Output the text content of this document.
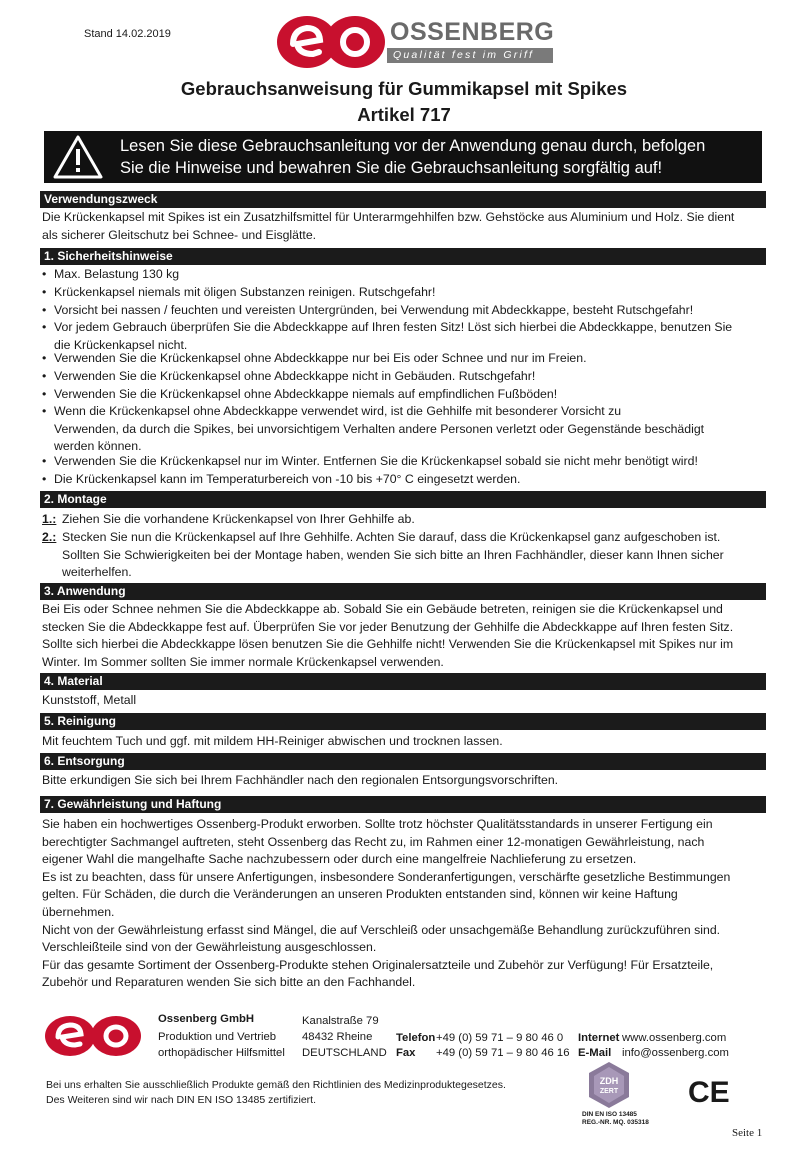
Stand 14.02.2019	OSSENBERG
Qualität fest im Griff
Gebrauchsanweisung für Gummikapsel mit Spikes
Artikel 717
Lesen Sie diese Gebrauchsanleitung vor der Anwendung genau durch, befolgen
Sie die Hinweise und bewahren Sie die Gebrauchsanleitung sorgfältig auf!
Verwendungszweck
Die Krückenkapsel mit Spikes ist ein Zusatzhilfsmittel für Unterarmgehhilfen bzw. Gehstöcke aus Aluminium und Holz. Sie dient
als sicherer Gleitschutz bei Schnee- und Eisglätte.
1. Sicherheitshinweise
• Max. Belastung 130 kg
• Krückenkapsel niemals mit öligen Substanzen reinigen. Rutschgefahr!
• Vorsicht bei nassen / feuchten und vereisten Untergründen, bei Verwendung mit Abdeckkappe, besteht Rutschgefahr!
• Vor jedem Gebrauch überprüfen Sie die Abdeckkappe auf Ihren festen Sitz! Löst sich hierbei die Abdeckkappe, benutzen Sie
die Krückenkapsel nicht.
• Verwenden Sie die Krückenkapsel ohne Abdeckkappe nur bei Eis oder Schnee und nur im Freien.
• Verwenden Sie die Krückenkapsel ohne Abdeckkappe nicht in Gebäuden. Rutschgefahr!
• Verwenden Sie die Krückenkapsel ohne Abdeckkappe niemals auf empfindlichen Fußböden!
• Wenn die Krückenkapsel ohne Abdeckkappe verwendet wird, ist die Gehhilfe mit besonderer Vorsicht zu
Verwenden, da durch die Spikes, bei unvorsichtigem Verhalten andere Personen verletzt oder Gegenstände beschädigt
werden können.
• Verwenden Sie die Krückenkapsel nur im Winter. Entfernen Sie die Krückenkapsel sobald sie nicht mehr benötigt wird!
• Die Krückenkapsel kann im Temperaturbereich von -10 bis +70° C eingesetzt werden.
2. Montage
1.: Ziehen Sie die vorhandene Krückenkapsel von Ihrer Gehhilfe ab.
2.: Stecken Sie nun die Krückenkapsel auf Ihre Gehhilfe. Achten Sie darauf, dass die Krückenkapsel ganz aufgeschoben ist.
Sollten Sie Schwierigkeiten bei der Montage haben, wenden Sie sich bitte an Ihren Fachhändler, dieser kann Ihnen sicher
weiterhelfen.
3. Anwendung
Bei Eis oder Schnee nehmen Sie die Abdeckkappe ab. Sobald Sie ein Gebäude betreten, reinigen sie die Krückenkapsel und
stecken Sie die Abdeckkappe fest auf. Überprüfen Sie vor jeder Benutzung der Gehhilfe die Abdeckkappe auf Ihren festen Sitz.
Sollte sich hierbei die Abdeckkappe lösen benutzen Sie die Gehhilfe nicht! Verwenden Sie die Krückenkapsel mit Spikes nur im
Winter. Im Sommer sollten Sie immer normale Krückenkapsel verwenden.
4. Material
Kunststoff, Metall
5. Reinigung
Mit feuchtem Tuch und ggf. mit mildem HH-Reiniger abwischen und trocknen lassen.
6. Entsorgung
Bitte erkundigen Sie sich bei Ihrem Fachhändler nach den regionalen Entsorgungsvorschriften.
7. Gewährleistung und Haftung
Sie haben ein hochwertiges Ossenberg-Produkt erworben. Sollte trotz höchster Qualitätsstandards in unserer Fertigung ein
berechtigter Sachmangel auftreten, steht Ossenberg das Recht zu, im Rahmen einer 12-monatigen Gewährleistung, nach
eigener Wahl die mangelhafte Sache nachzubessern oder durch eine mangelfreie Nachlieferung zu ersetzen.
Es ist zu beachten, dass für unsere Anfertigungen, insbesondere Sonderanfertigungen, verschärfte gesetzliche Bestimmungen
gelten. Für Schäden, die durch die Veränderungen an unseren Produkten entstanden sind, können wir keine Haftung
übernehmen.
Nicht von der Gewährleistung erfasst sind Mängel, die auf Verschleiß oder unsachgemäße Behandlung zurückzuführen sind.
Verschleißteile sind von der Gewährleistung ausgeschlossen.
Für das gesamte Sortiment der Ossenberg-Produkte stehen Originalersatzteile und Zubehör zur Verfügung! Für Ersatzteile,
Zubehör und Reparaturen wenden Sie sich bitte an den Fachhandel.
Ossenberg GmbH
Produktion und Vertrieb
orthopädischer Hilfsmittel
Kanalstraße 79
48432 Rheine
DEUTSCHLAND
Telefon +49 (0) 59 71 – 9 80 46 0
Fax +49 (0) 59 71 – 9 80 46 16
Internet www.ossenberg.com
E-Mail info@ossenberg.com
Bei uns erhalten Sie ausschließlich Produkte gemäß den Richtlinien des Medizinproduktegesetzes.
Des Weiteren sind wir nach DIN EN ISO 13485 zertifiziert.
ZDH
ZERT
DIN EN ISO 13485
REG.-NR. MQ. 035318
CE
Seite 1
